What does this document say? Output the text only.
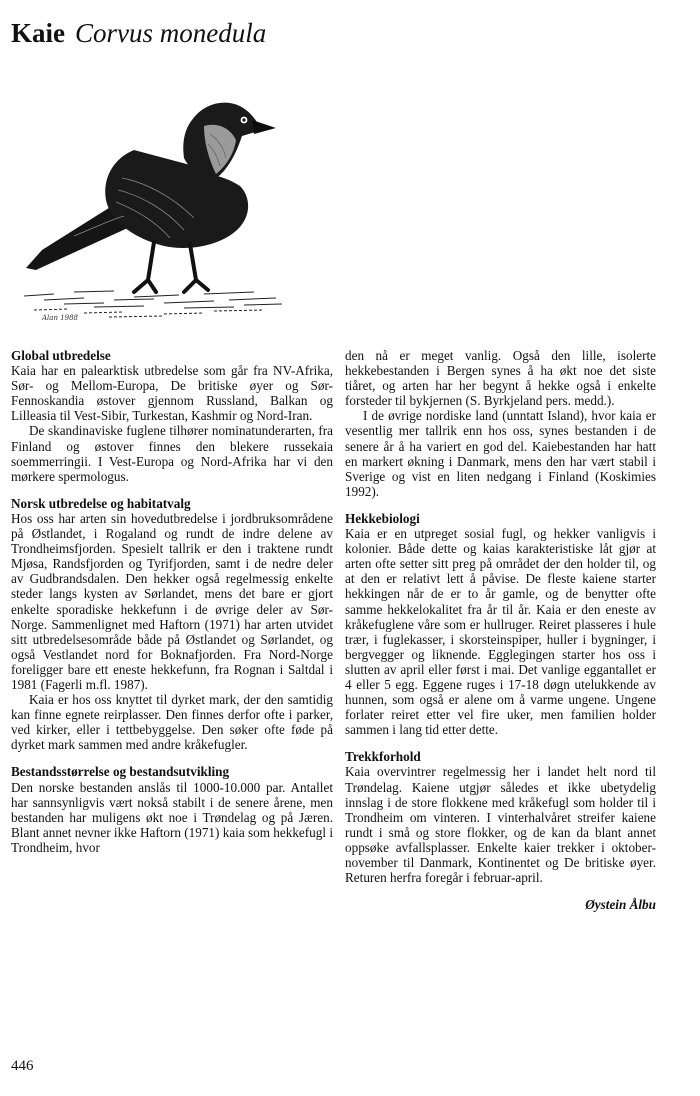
Kaie Corvus monedula
Alan 1988
Global utbredelse

Kaia har en palearktisk utbredelse som går fra NV-Afrika, Sør- og Mellom-Europa, De britiske øyer og Sør-Fennoskandia østover gjennom Russland, Balkan og Lilleasia til Vest-Sibir, Turkestan, Kashmir og Nord-Iran.

De skandinaviske fuglene tilhører nominatunderarten, fra Finland og østover finnes den blekere russekaia soemmerringii. I Vest-Europa og Nord-Afrika har vi den mørkere spermologus.

Norsk utbredelse og habitatvalg

Hos oss har arten sin hovedutbredelse i jordbruksområdene på Østlandet, i Rogaland og rundt de indre delene av Trondheimsfjorden. Spesielt tallrik er den i traktene rundt Mjøsa, Randsfjorden og Tyrifjorden, samt i de nedre deler av Gudbrandsdalen. Den hekker også regelmessig enkelte steder langs kysten av Sørlandet, mens det bare er gjort enkelte sporadiske hekkefunn i de øvrige deler av Sør-Norge. Sammenlignet med Haftorn (1971) har arten utvidet sitt utbredelsesområde både på Østlandet og Sørlandet, og også Vestlandet nord for Boknafjorden. Fra Nord-Norge foreligger bare ett eneste hekkefunn, fra Rognan i Saltdal i 1981 (Fagerli m.fl. 1987).

Kaia er hos oss knyttet til dyrket mark, der den samtidig kan finne egnete reirplasser. Den finnes derfor ofte i parker, ved kirker, eller i tettbebyggelse. Den søker ofte føde på dyrket mark sammen med andre kråkefugler.

Bestandsstørrelse og bestandsutvikling

Den norske bestanden anslås til 1000-10.000 par. Antallet har sannsynligvis vært nokså stabilt i de senere årene, men bestanden har muligens økt noe i Trøndelag og på Jæren. Blant annet nevner ikke Haftorn (1971) kaia som hekkefugl i Trondheim, hvor

den nå er meget vanlig. Også den lille, isolerte hekkebestanden i Bergen synes å ha økt noe det siste tiåret, og arten har her begynt å hekke også i enkelte forsteder til bykjernen (S. Byrkjeland pers. medd.).

I de øvrige nordiske land (unntatt Island), hvor kaia er vesentlig mer tallrik enn hos oss, synes bestanden i de senere år å ha variert en god del. Kaiebestanden har hatt en markert økning i Danmark, mens den har vært stabil i Sverige og vist en liten nedgang i Finland (Koskimies 1992).

Hekkebiologi

Kaia er en utpreget sosial fugl, og hekker vanligvis i kolonier. Både dette og kaias karakteristiske låt gjør at arten ofte setter sitt preg på området der den holder til, og at den er relativt lett å påvise. De fleste kaiene starter hekkingen når de er to år gamle, og de benytter ofte samme hekkelokalitet fra år til år. Kaia er den eneste av kråkefuglene våre som er hullruger. Reiret plasseres i hule trær, i fuglekasser, i skorsteinspiper, huller i bygninger, i bergvegger og liknende. Egglegingen starter hos oss i slutten av april eller først i mai. Det vanlige eggantallet er 4 eller 5 egg. Eggene ruges i 17-18 døgn utelukkende av hunnen, som også er alene om å varme ungene. Ungene forlater reiret etter vel fire uker, men familien holder sammen i lang tid etter dette.

Trekkforhold

Kaia overvintrer regelmessig her i landet helt nord til Trøndelag. Kaiene utgjør således et ikke ubetydelig innslag i de store flokkene med kråkefugl som holder til i Trondheim om vinteren. I vinterhalvåret streifer kaiene rundt i små og store flokker, og de kan da blant annet oppsøke avfallsplasser. Enkelte kaier trekker i oktober-november til Danmark, Kontinentet og De britiske øyer. Returen herfra foregår i februar-april.

Øystein Ålbu
446
